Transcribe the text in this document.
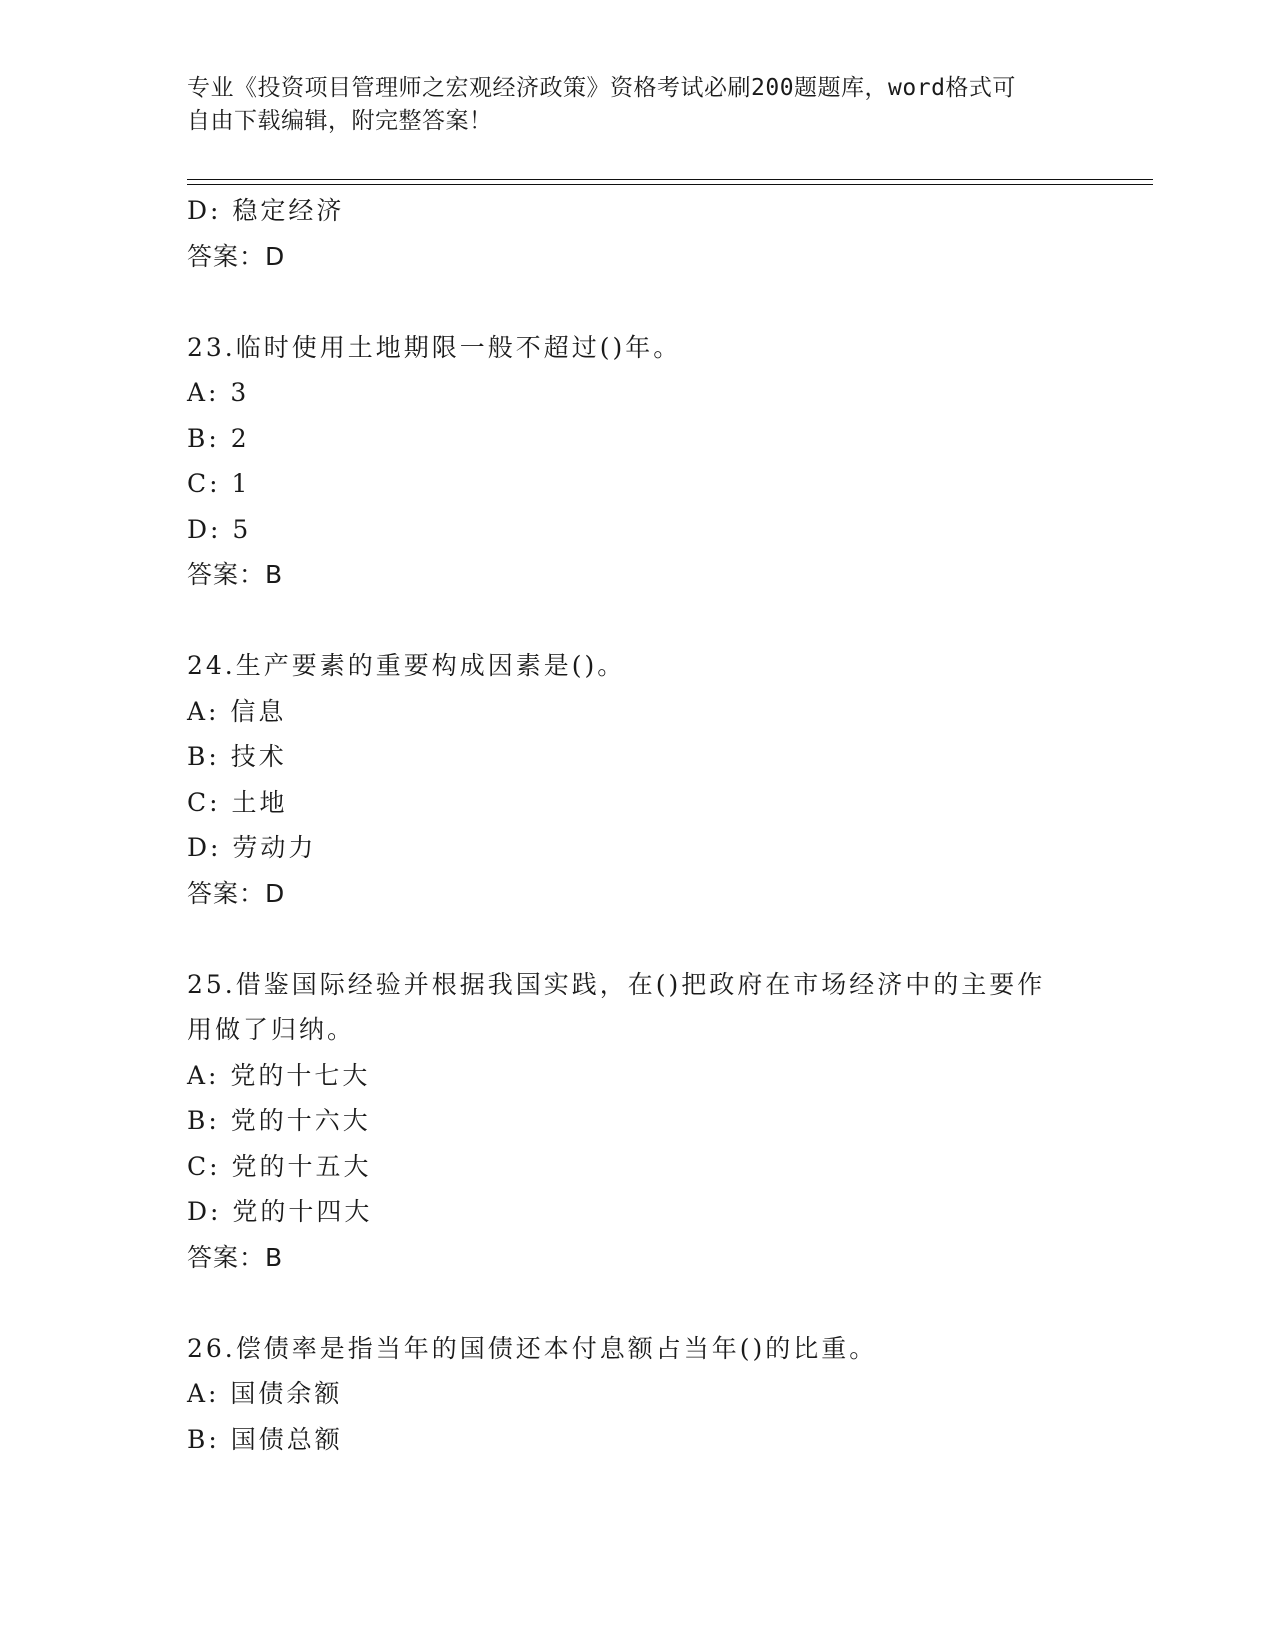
专业《投资项目管理师之宏观经济政策》资格考试必刷200题题库，word格式可
自由下载编辑，附完整答案！
D: 稳定经济
答案：D
23.临时使用土地期限一般不超过()年。
A: 3
B: 2
C: 1
D: 5
答案：B
24.生产要素的重要构成因素是()。
A: 信息
B: 技术
C: 土地
D: 劳动力
答案：D
25.借鉴国际经验并根据我国实践，在()把政府在市场经济中的主要作
用做了归纳。
A: 党的十七大
B: 党的十六大
C: 党的十五大
D: 党的十四大
答案：B
26.偿债率是指当年的国债还本付息额占当年()的比重。
A: 国债余额
B: 国债总额
